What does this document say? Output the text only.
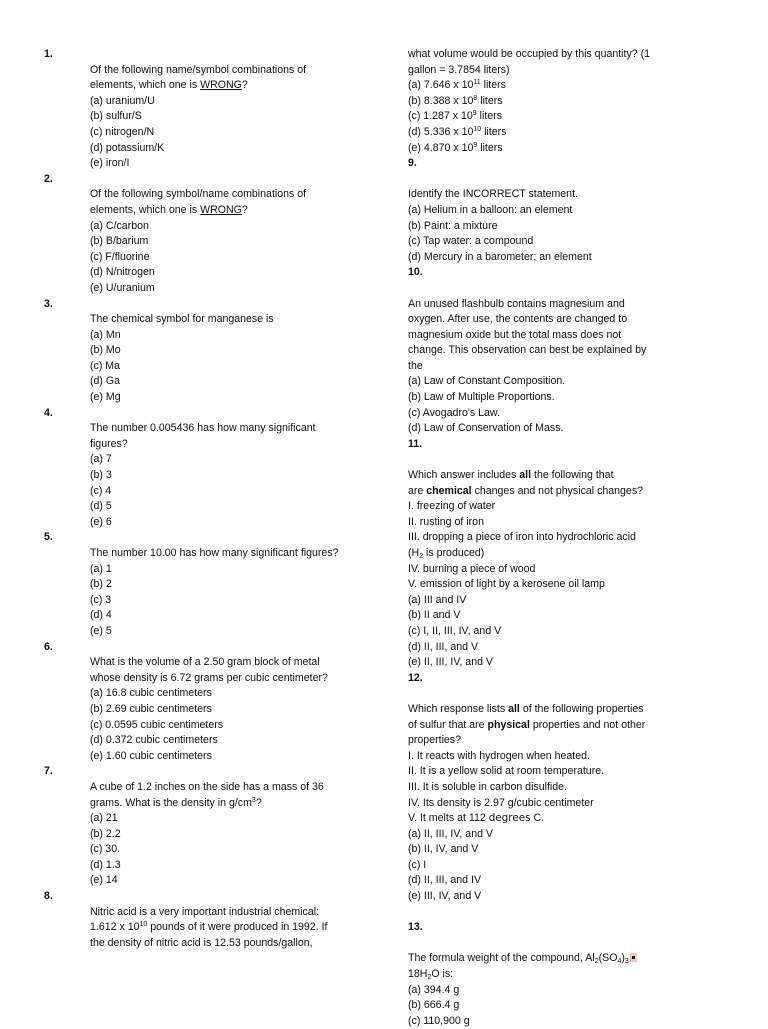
1.
Of the following name/symbol combinations of
elements, which one is WRONG?
(a) uranium/U
(b) sulfur/S
(c) nitrogen/N
(d) potassium/K
(e) iron/I
2.
Of the following symbol/name combinations of
elements, which one is WRONG?
(a) C/carbon
(b) B/barium
(c) F/fluorine
(d) N/nitrogen
(e) U/uranium
3.
The chemical symbol for manganese is
(a) Mn
(b) Mo
(c) Ma
(d) Ga
(e) Mg
4.
The number 0.005436 has how many significant
figures?
(a) 7
(b) 3
(c) 4
(d) 5
(e) 6
5.
The number 10.00 has how many significant figures?
(a) 1
(b) 2
(c) 3
(d) 4
(e) 5
6.
What is the volume of a 2.50 gram block of metal
whose density is 6.72 grams per cubic centimeter?
(a) 16.8 cubic centimeters
(b) 2.69 cubic centimeters
(c) 0.0595 cubic centimeters
(d) 0.372 cubic centimeters
(e) 1.60 cubic centimeters
7.
A cube of 1.2 inches on the side has a mass of 36
grams. What is the density in $g/cm^3$?
(a) 21
(b) 2.2
(c) 30.
(d) 1.3
(e) 14
8.
Nitric acid is a very important industrial chemical:
1.612 x $10^{10}$ pounds of it were produced in 1992. If
the density of nitric acid is 12.53 pounds/gallon,
what volume would be occupied by this quantity? (1
gallon = 3.7854 liters)
(a) 7.646 x $10^{11}$ liters
(b) 8.388 x $10^8$ liters
(c) 1.287 x $10^9$ liters
(d) 5.336 x $10^{10}$ liters
(e) 4.870 x $10^9$ liters
9.
Identify the INCORRECT statement.
(a) Helium in a balloon: an element
(b) Paint: a mixture
(c) Tap water: a compound
(d) Mercury in a barometer; an element
10.
An unused flashbulb contains magnesium and
oxygen. After use, the contents are changed to
magnesium oxide but the total mass does not
change. This observation can best be explained by
the
(a) Law of Constant Composition.
(b) Law of Multiple Proportions.
(c) Avogadro's Law.
(d) Law of Conservation of Mass.
11.
Which answer includes all the following that
are chemical changes and not physical changes?
I. freezing of water
II. rusting of iron
III. dropping a piece of iron into hydrochloric acid
($H_2$ is produced)
IV. burning a piece of wood
V. emission of light by a kerosene oil lamp
(a) III and IV
(b) II and V
(c) I, II, III, IV, and V
(d) II, III, and V
(e) II, III, IV, and V
12.
Which response lists all of the following properties
of sulfur that are physical properties and not other
properties?
I. It reacts with hydrogen when heated.
II. It is a yellow solid at room temperature.
III. It is soluble in carbon disulfide.
IV. Its density is 2.97 g/cubic centimeter
V. It melts at 112 degrees C.
(a) II, III, IV, and V
(b) II, IV, and V
(c) I
(d) II, III, and IV
(e) III, IV, and V
13.
The formula weight of the compound, $Al_2(SO_4)_3$
$18H_2O$ is:
(a) 394.4 g
(b) 666.4 g
(c) 110,900 g
